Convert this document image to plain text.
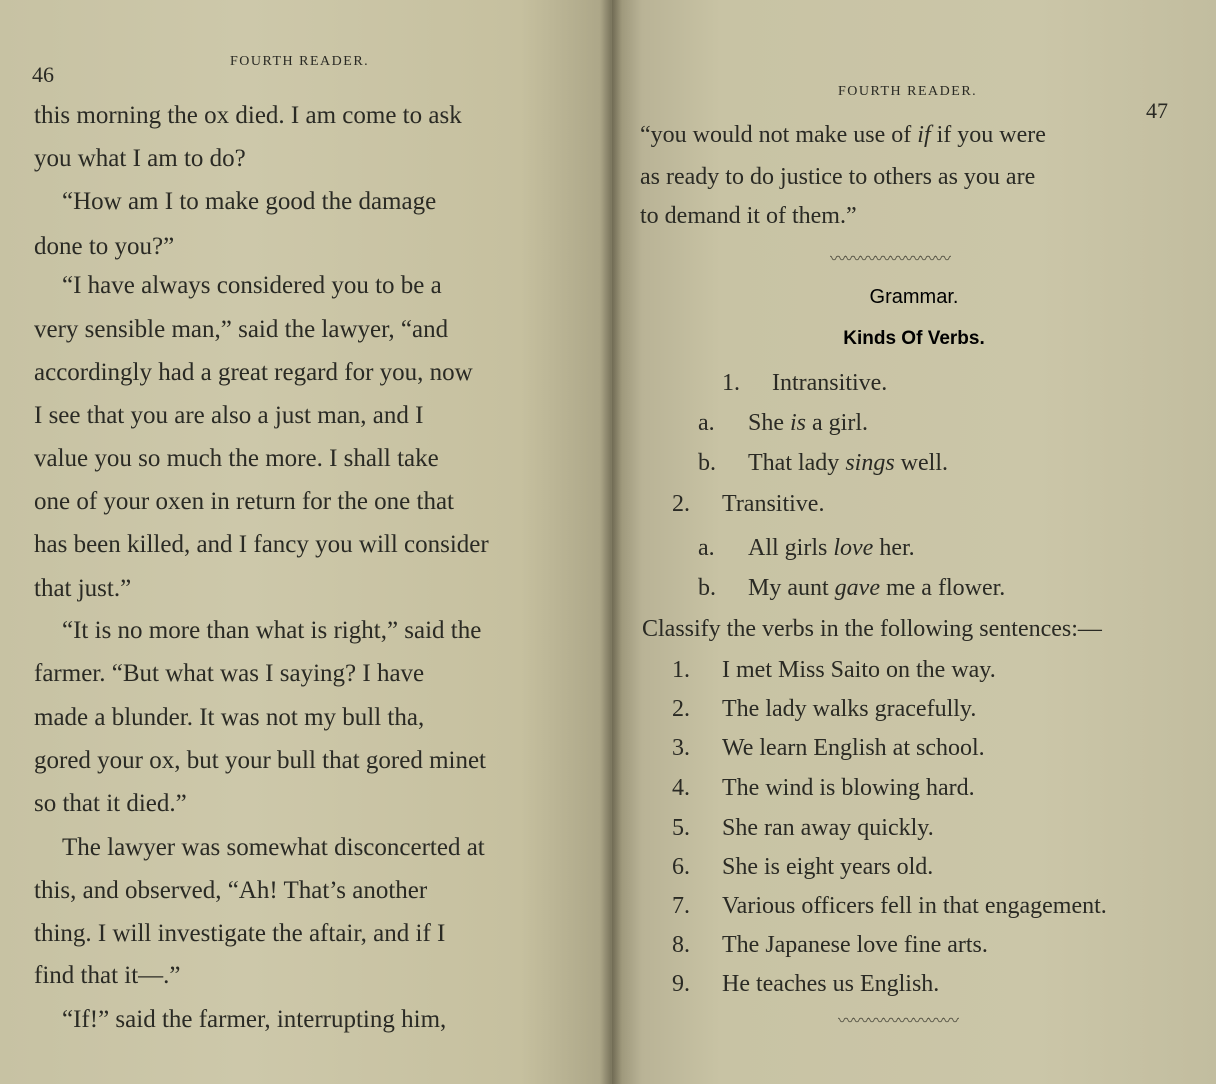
46
FOURTH READER.
this morning the ox died. I am come to ask
you what I am to do?
“How am I to make good the damage
done to you?”
“I have always considered you to be a
very sensible man,” said the lawyer, “and
accordingly had a great regard for you, now
I see that you are also a just man, and I
value you so much the more. I shall take
one of your oxen in return for the one that
has been killed, and I fancy you will consider
that just.”
“It is no more than what is right,” said the
farmer. “But what was I saying? I have
made a blunder. It was not my bull tha,
gored your ox, but your bull that gored minet
so that it died.”
The lawyer was somewhat disconcerted at
this, and observed, “Ah! That’s another
thing. I will investigate the aftair, and if I
find that it—.”
“If!” said the farmer, interrupting him,
FOURTH READER.
47
“you would not make use of if if you were
as ready to do justice to others as you are
to demand it of them.”
〰〰〰〰〰〰〰〰
1. Intransitive.
a. She is a girl.
b. That lady sings well.
2. Transitive.
a. All girls love her.
b. My aunt gave me a flower.
Classify the verbs in the following sentences:—
1. I met Miss Saito on the way.
2. The lady walks gracefully.
3. We learn English at school.
4. The wind is blowing hard.
5. She ran away quickly.
6. She is eight years old.
7. Various officers fell in that engagement.
8. The Japanese love fine arts.
9. He teaches us English.
〰〰〰〰〰〰〰〰
Grammar.
Kinds Of Verbs.
